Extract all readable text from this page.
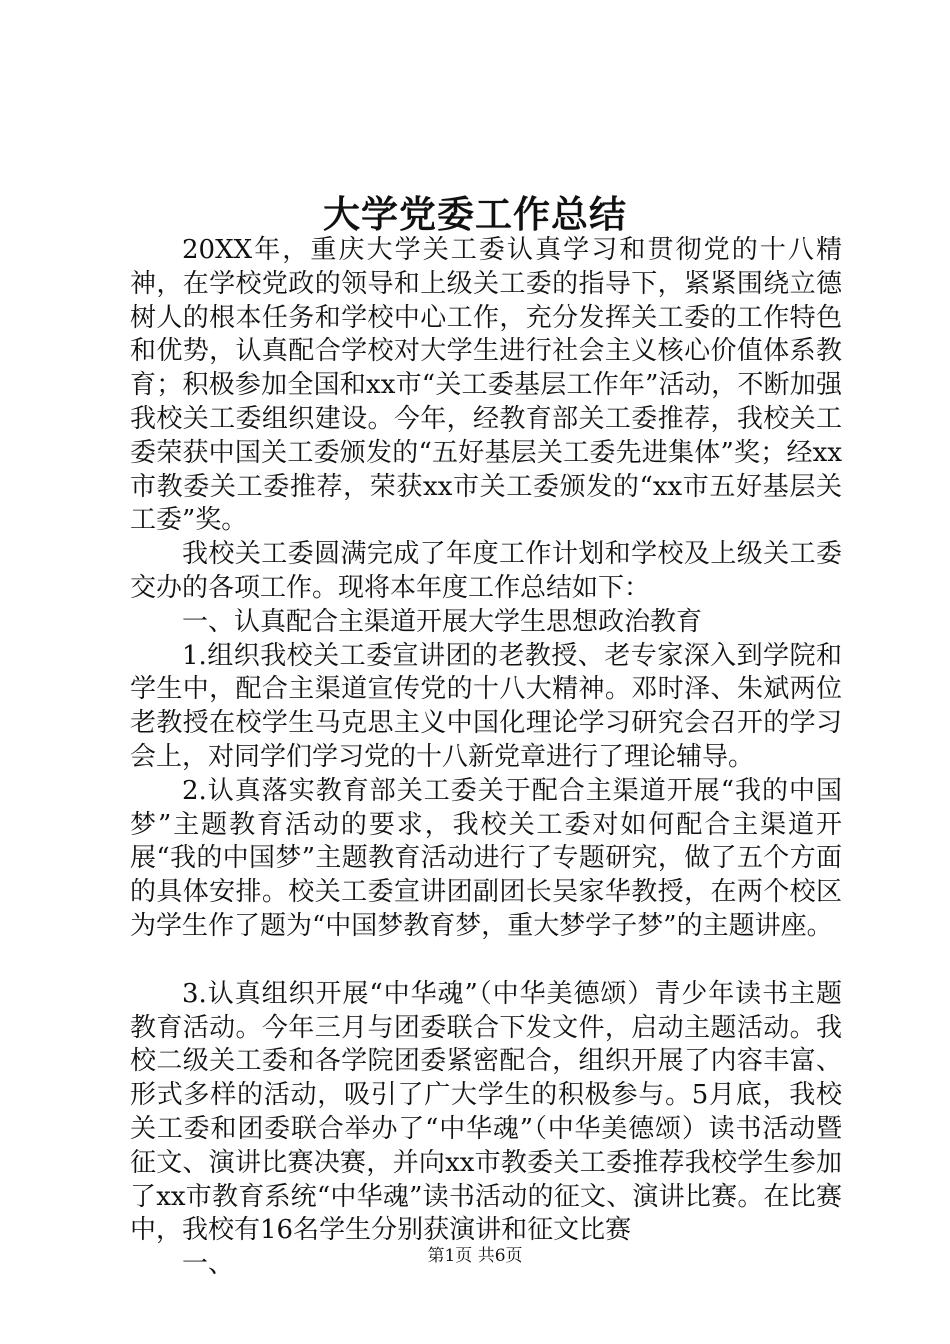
大学党委工作总结

20XX年，重庆大学关工委认真学习和贯彻党的十八精神，在学校党政的领导和上级关工委的指导下，紧紧围绕立德树人的根本任务和学校中心工作，充分发挥关工委的工作特色和优势，认真配合学校对大学生进行社会主义核心价值体系教育；积极参加全国和xx市“关工委基层工作年”活动，不断加强我校关工委组织建设。今年，经教育部关工委推荐，我校关工委荣获中国关工委颁发的“五好基层关工委先进集体”奖；经xx市教委关工委推荐，荣获xx市关工委颁发的“xx市五好基层关工委”奖。

我校关工委圆满完成了年度工作计划和学校及上级关工委交办的各项工作。现将本年度工作总结如下：

一、认真配合主渠道开展大学生思想政治教育

1.组织我校关工委宣讲团的老教授、老专家深入到学院和学生中，配合主渠道宣传党的十八大精神。邓时泽、朱斌两位老教授在校学生马克思主义中国化理论学习研究会召开的学习会上，对同学们学习党的十八新党章进行了理论辅导。

2.认真落实教育部关工委关于配合主渠道开展“我的中国梦”主题教育活动的要求，我校关工委对如何配合主渠道开展“我的中国梦”主题教育活动进行了专题研究，做了五个方面的具体安排。校关工委宣讲团副团长吴家华教授，在两个校区为学生作了题为“中国梦教育梦，重大梦学子梦”的主题讲座。

3.认真组织开展“中华魂”（中华美德颂）青少年读书主题教育活动。今年三月与团委联合下发文件，启动主题活动。我校二级关工委和各学院团委紧密配合，组织开展了内容丰富、形式多样的活动，吸引了广大学生的积极参与。5月底，我校关工委和团委联合举办了“中华魂”（中华美德颂）读书活动暨征文、演讲比赛决赛，并向xx市教委关工委推荐我校学生参加了xx市教育系统“中华魂”读书活动的征文、演讲比赛。在比赛中，我校有16名学生分别获演讲和征文比赛

一、	第1页 共6页
